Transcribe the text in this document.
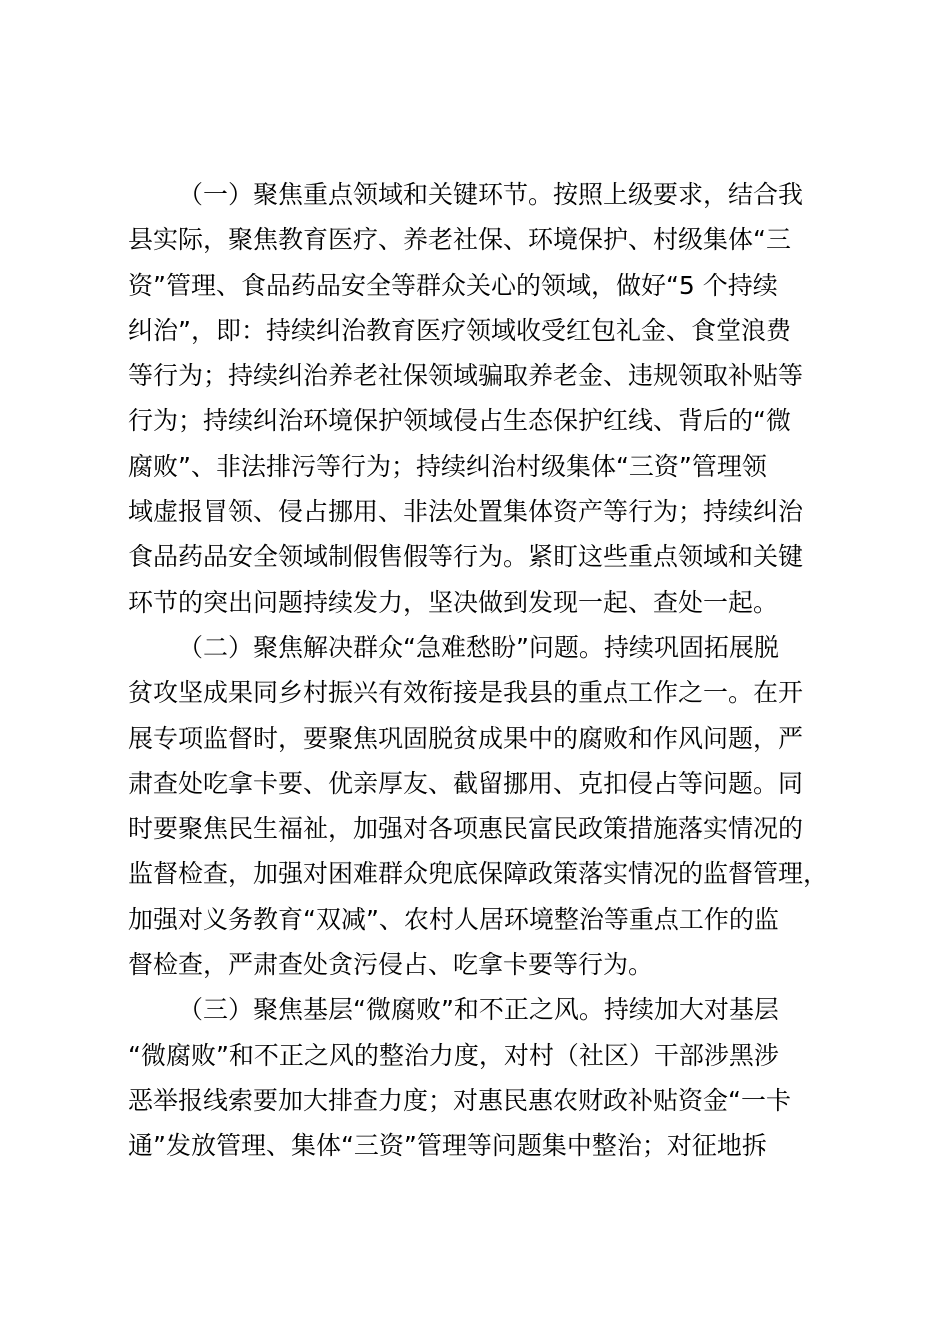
（一）聚焦重点领域和关键环节。按照上级要求，结合我
县实际，聚焦教育医疗、养老社保、环境保护、村级集体“三
资”管理、食品药品安全等群众关心的领域，做好“5 个持续
纠治”，即：持续纠治教育医疗领域收受红包礼金、食堂浪费
等行为；持续纠治养老社保领域骗取养老金、违规领取补贴等
行为；持续纠治环境保护领域侵占生态保护红线、背后的“微
腐败”、非法排污等行为；持续纠治村级集体“三资”管理领
域虚报冒领、侵占挪用、非法处置集体资产等行为；持续纠治
食品药品安全领域制假售假等行为。紧盯这些重点领域和关键
环节的突出问题持续发力，坚决做到发现一起、查处一起。
（二）聚焦解决群众“急难愁盼”问题。持续巩固拓展脱
贫攻坚成果同乡村振兴有效衔接是我县的重点工作之一。在开
展专项监督时，要聚焦巩固脱贫成果中的腐败和作风问题，严
肃查处吃拿卡要、优亲厚友、截留挪用、克扣侵占等问题。同
时要聚焦民生福祉，加强对各项惠民富民政策措施落实情况的
监督检查，加强对困难群众兜底保障政策落实情况的监督管理，
加强对义务教育“双减”、农村人居环境整治等重点工作的监
督检查，严肃查处贪污侵占、吃拿卡要等行为。
（三）聚焦基层“微腐败”和不正之风。持续加大对基层
“微腐败”和不正之风的整治力度，对村（社区）干部涉黑涉
恶举报线索要加大排查力度；对惠民惠农财政补贴资金“一卡
通”发放管理、集体“三资”管理等问题集中整治；对征地拆
